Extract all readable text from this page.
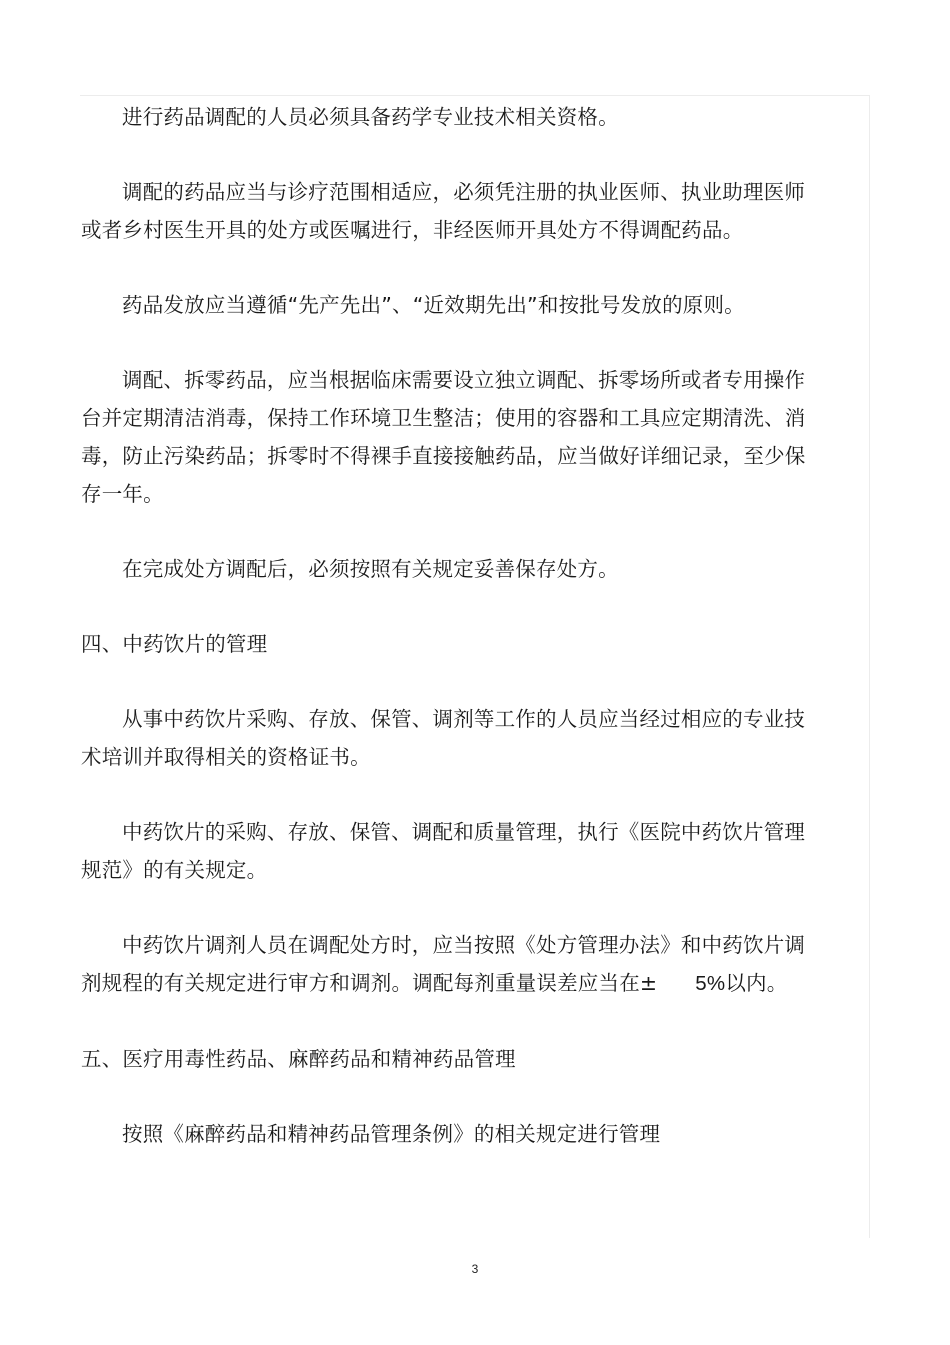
进行药品调配的人员必须具备药学专业技术相关资格。

调配的药品应当与诊疗范围相适应，必须凭注册的执业医师、执业助理医师或者乡村医生开具的处方或医嘱进行，非经医师开具处方不得调配药品。

药品发放应当遵循“先产先出”、“近效期先出”和按批号发放的原则。

调配、拆零药品，应当根据临床需要设立独立调配、拆零场所或者专用操作台并定期清洁消毒，保持工作环境卫生整洁；使用的容器和工具应定期清洗、消毒，防止污染药品；拆零时不得裸手直接接触药品，应当做好详细记录，至少保存一年。

在完成处方调配后，必须按照有关规定妥善保存处方。

四、中药饮片的管理

从事中药饮片采购、存放、保管、调剂等工作的人员应当经过相应的专业技术培训并取得相关的资格证书。

中药饮片的采购、存放、保管、调配和质量管理，执行《医院中药饮片管理规范》的有关规定。

中药饮片调剂人员在调配处方时，应当按照《处方管理办法》和中药饮片调剂规程的有关规定进行审方和调剂。调配每剂重量误差应当在± 5%以内。

五、医疗用毒性药品、麻醉药品和精神药品管理

按照《麻醉药品和精神药品管理条例》的相关规定进行管理

3
